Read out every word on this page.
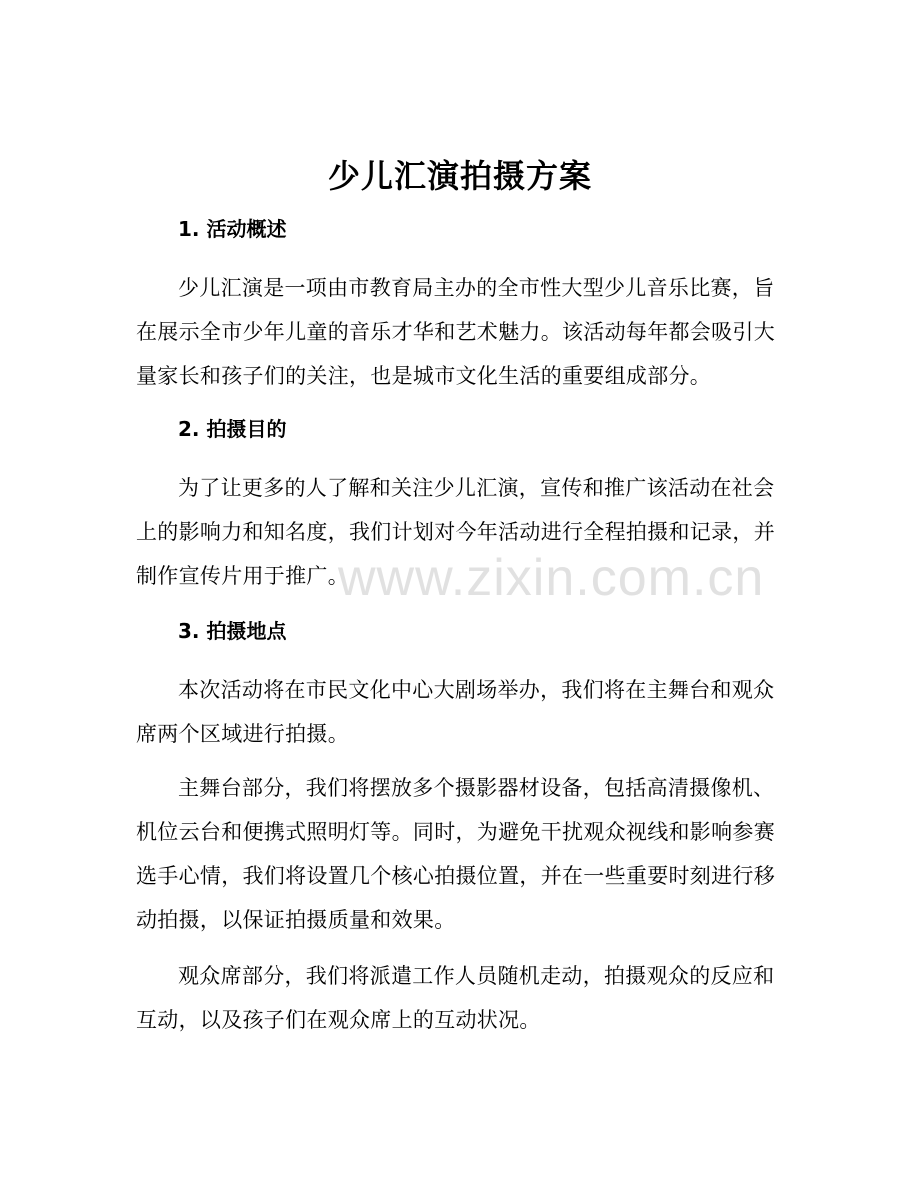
少儿汇演拍摄方案
1. 活动概述
少儿汇演是一项由市教育局主办的全市性大型少儿音乐比赛，旨在展示全市少年儿童的音乐才华和艺术魅力。该活动每年都会吸引大量家长和孩子们的关注，也是城市文化生活的重要组成部分。
2. 拍摄目的
为了让更多的人了解和关注少儿汇演，宣传和推广该活动在社会上的影响力和知名度，我们计划对今年活动进行全程拍摄和记录，并制作宣传片用于推广。
3. 拍摄地点
本次活动将在市民文化中心大剧场举办，我们将在主舞台和观众席两个区域进行拍摄。
主舞台部分，我们将摆放多个摄影器材设备，包括高清摄像机、机位云台和便携式照明灯等。同时，为避免干扰观众视线和影响参赛选手心情，我们将设置几个核心拍摄位置，并在一些重要时刻进行移动拍摄，以保证拍摄质量和效果。
观众席部分，我们将派遣工作人员随机走动，拍摄观众的反应和互动，以及孩子们在观众席上的互动状况。
www.zixin.com.cn
